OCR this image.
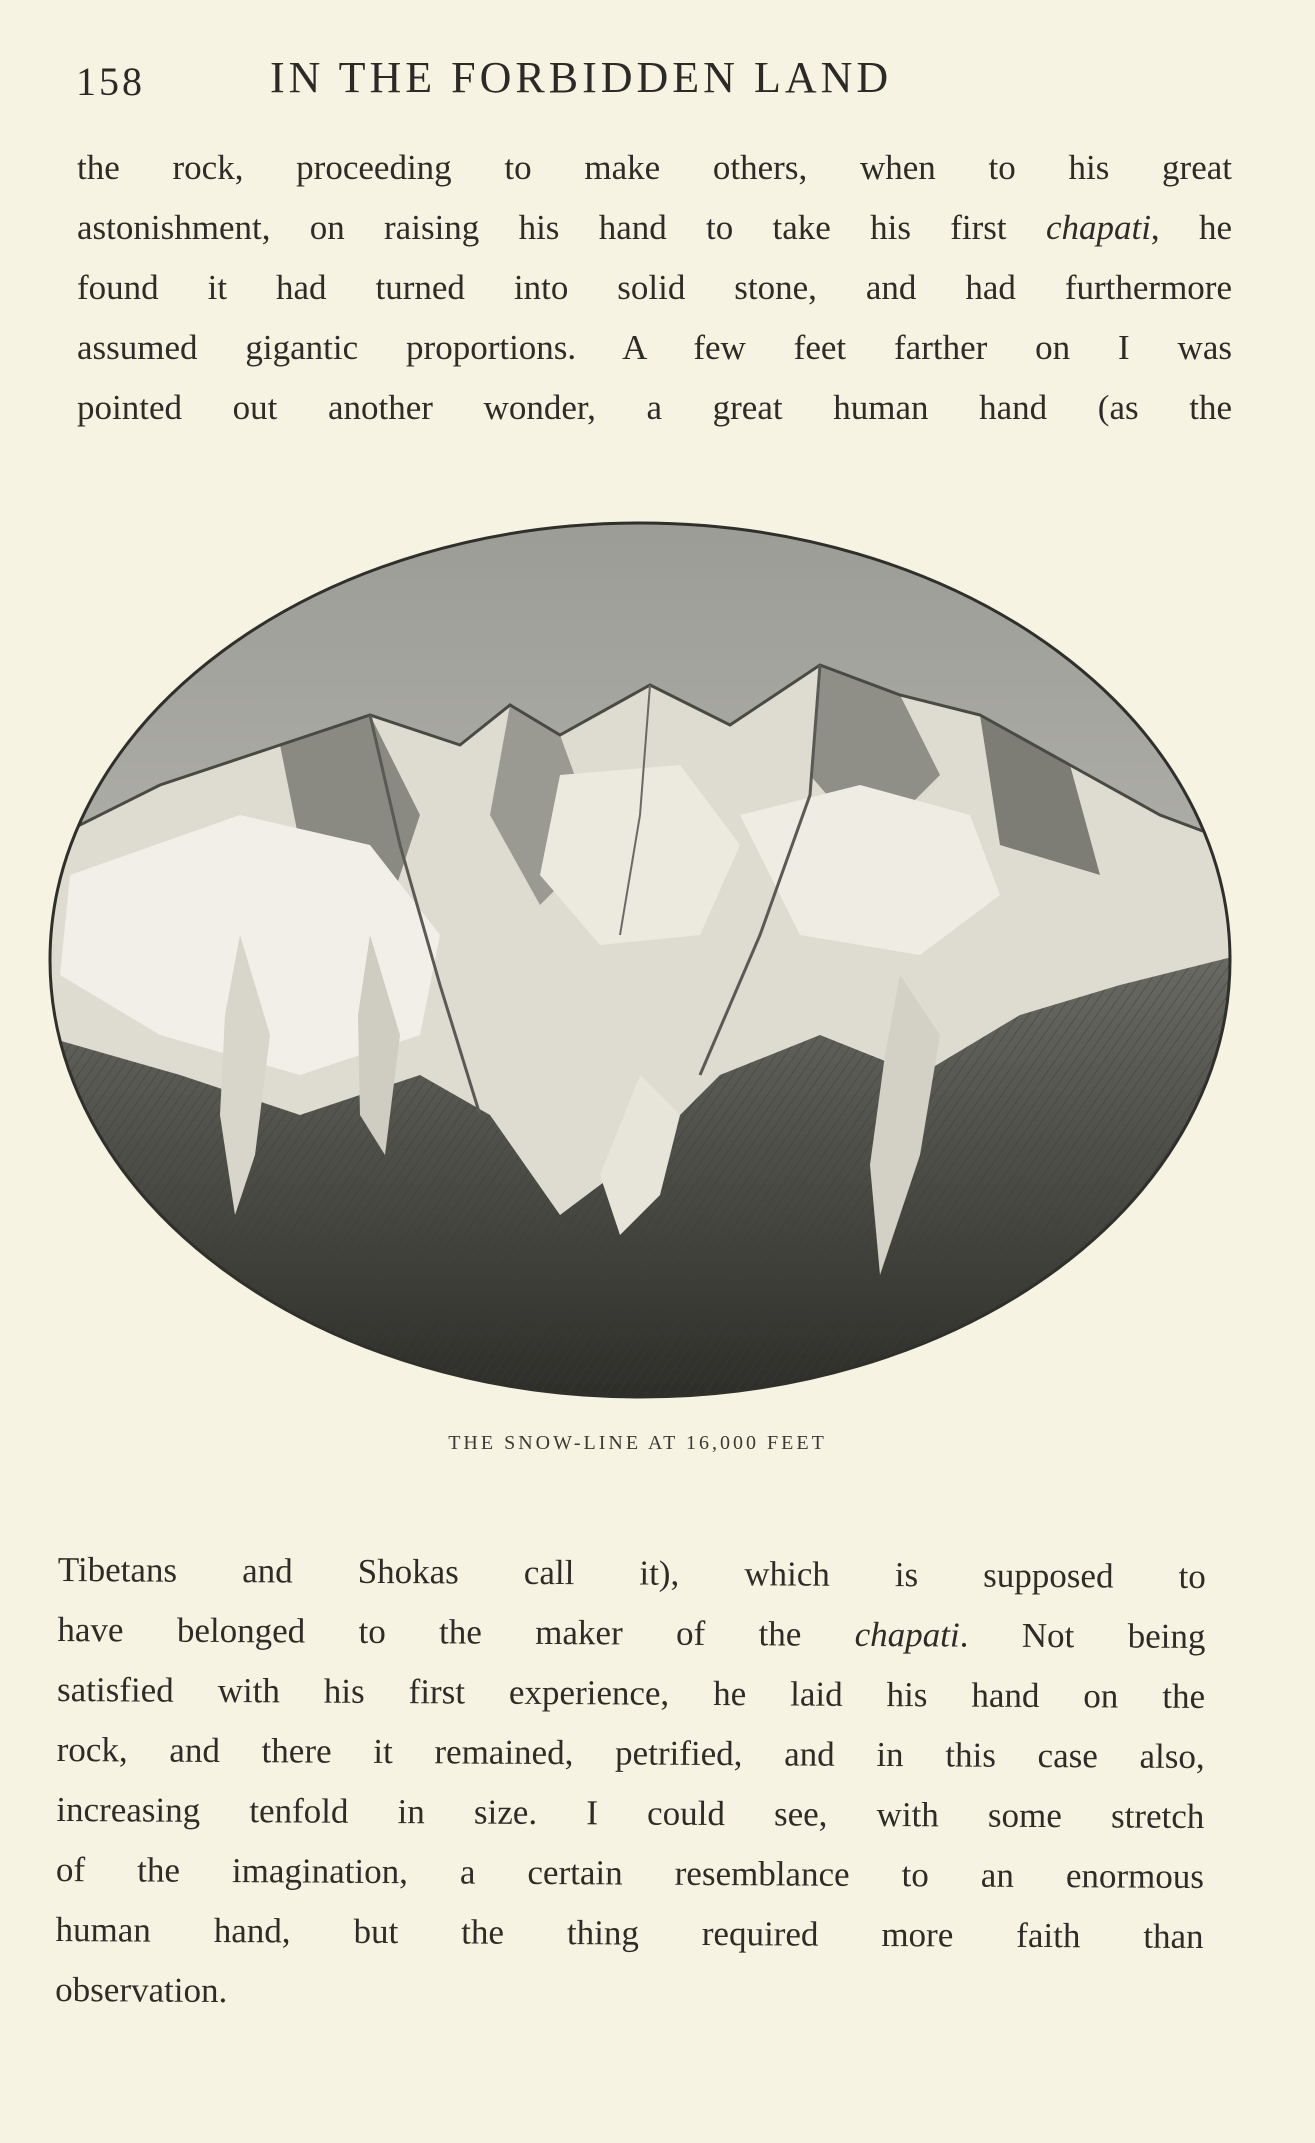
158	IN THE FORBIDDEN LAND
the rock, proceeding to make others, when to his great
astonishment, on raising his hand to take his first chapati, he
found it had turned into solid stone, and had furthermore
assumed gigantic proportions. A few feet farther on I was
pointed out another wonder, a great human hand (as the
THE SNOW-LINE AT 16,000 FEET
Tibetans and Shokas call it), which is supposed to
have belonged to the maker of the chapati. Not being
satisfied with his first experience, he laid his hand on the
rock, and there it remained, petrified, and in this case also,
increasing tenfold in size. I could see, with some stretch
of the imagination, a certain resemblance to an enormous
human hand, but the thing required more faith than
observation.
